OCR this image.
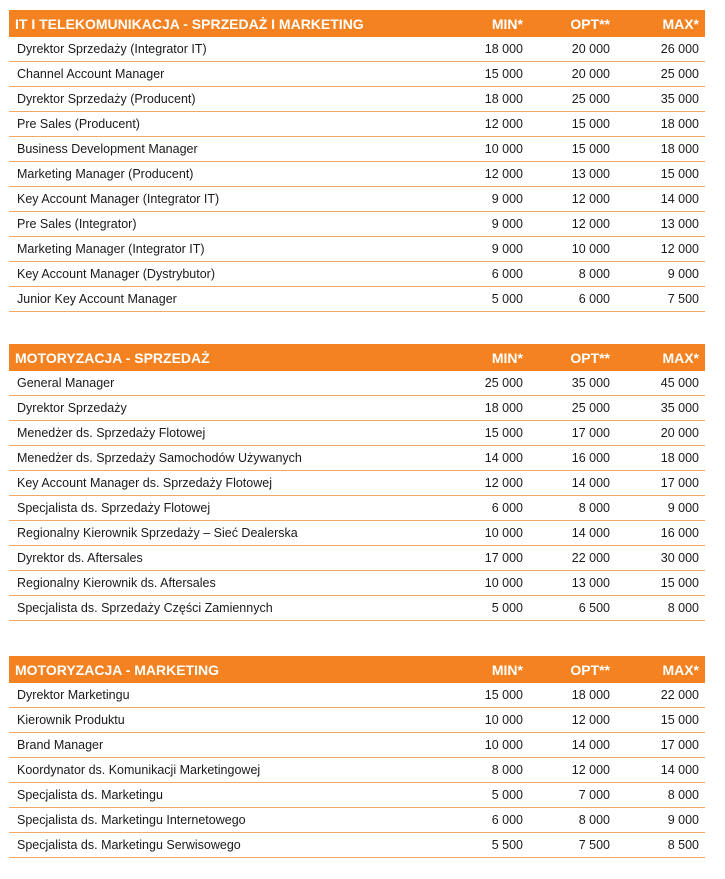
IT I TELEKOMUNIKACJA - SPRZEDAŻ I MARKETING	MIN*	OPT**	MAX*
Dyrektor Sprzedaży (Integrator IT)	18 000	20 000	26 000
Channel Account Manager	15 000	20 000	25 000
Dyrektor Sprzedaży (Producent)	18 000	25 000	35 000
Pre Sales (Producent)	12 000	15 000	18 000
Business Development Manager	10 000	15 000	18 000
Marketing Manager (Producent)	12 000	13 000	15 000
Key Account Manager (Integrator IT)	9 000	12 000	14 000
Pre Sales (Integrator)	9 000	12 000	13 000
Marketing Manager (Integrator IT)	9 000	10 000	12 000
Key Account Manager (Dystrybutor)	6 000	8 000	9 000
Junior Key Account Manager	5 000	6 000	7 500
MOTORYZACJA - SPRZEDAŻ	MIN*	OPT**	MAX*
General Manager	25 000	35 000	45 000
Dyrektor Sprzedaży	18 000	25 000	35 000
Menedżer ds. Sprzedaży Flotowej	15 000	17 000	20 000
Menedżer ds. Sprzedaży Samochodów Używanych	14 000	16 000	18 000
Key Account Manager ds. Sprzedaży Flotowej	12 000	14 000	17 000
Specjalista ds. Sprzedaży Flotowej	6 000	8 000	9 000
Regionalny Kierownik Sprzedaży – Sieć Dealerska	10 000	14 000	16 000
Dyrektor ds. Aftersales	17 000	22 000	30 000
Regionalny Kierownik ds. Aftersales	10 000	13 000	15 000
Specjalista ds. Sprzedaży Części Zamiennych	5 000	6 500	8 000
MOTORYZACJA - MARKETING	MIN*	OPT**	MAX*
Dyrektor Marketingu	15 000	18 000	22 000
Kierownik Produktu	10 000	12 000	15 000
Brand Manager	10 000	14 000	17 000
Koordynator ds. Komunikacji Marketingowej	8 000	12 000	14 000
Specjalista ds. Marketingu	5 000	7 000	8 000
Specjalista ds. Marketingu Internetowego	6 000	8 000	9 000
Specjalista ds. Marketingu Serwisowego	5 500	7 500	8 500
